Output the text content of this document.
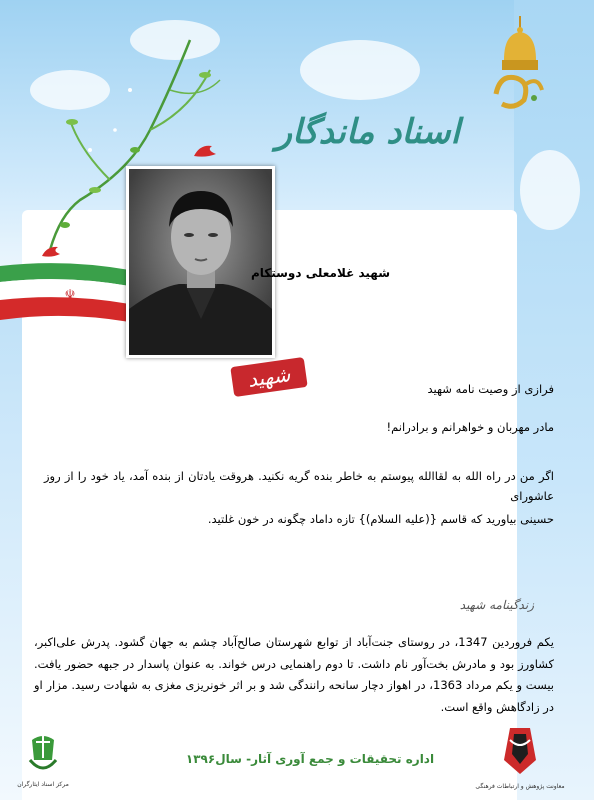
اسناد ماندگار
☫
شهید
شهید غلامعلی دوستکام
فرازی از وصیت نامه شهید
مادر مهربان و خواهرانم و برادرانم!
اگر من در راه الله به لقاالله پیوستم به خاطر بنده گریه نکنید. هروقت یادتان از بنده آمد، یاد خود را از روز عاشورای
حسینی بیاورید که قاسم {(علیه السلام)} تازه داماد چگونه در خون غلتید.
زندگینامه شهید
یکم فروردین 1347، در روستای جنت‌آباد از توابع شهرستان صالح‌آباد چشم به جهان گشود. پدرش علی‌اکبر، کشاورز بود و مادرش بخت‌آور نام داشت. تا دوم راهنمایی درس خواند. به عنوان پاسدار در جبهه حضور یافت. بیست و یکم مرداد 1363، در اهواز دچار سانحه رانندگی شد و بر اثر خونریزی مغزی به شهادت رسید. مزار او در زادگاهش واقع است.
اداره تحقیقات و جمع آوری آثار- سال۱۳۹۶
مرکز اسناد ایثارگران	معاونت پژوهش و ارتباطات فرهنگی
